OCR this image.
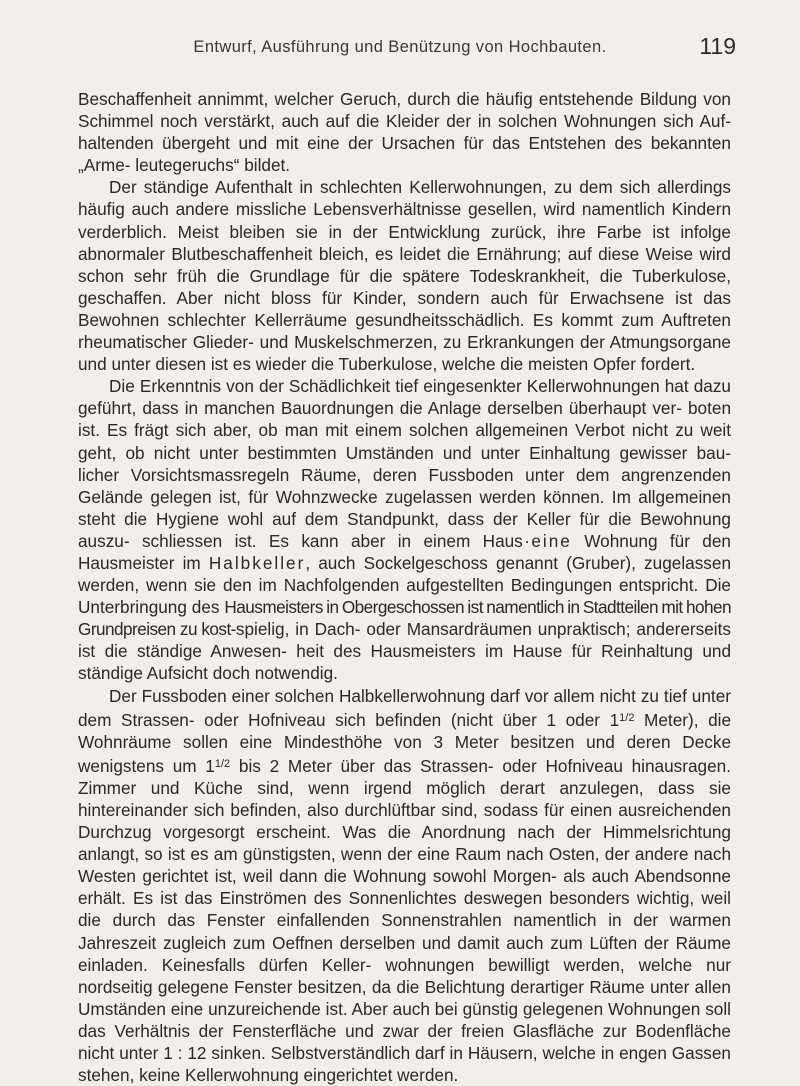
Entwurf, Ausführung und Benützung von Hochbauten.	119

Beschaffenheit annimmt, welcher Geruch, durch die häufig entstehende Bildung von Schimmel noch verstärkt, auch auf die Kleider der in solchen Wohnungen sich Auf- haltenden übergeht und mit eine der Ursachen für das Entstehen des bekannten „Arme- leutegeruchs“ bildet.

Der ständige Aufenthalt in schlechten Kellerwohnungen, zu dem sich allerdings häufig auch andere missliche Lebensverhältnisse gesellen, wird namentlich Kindern verderblich. Meist bleiben sie in der Entwicklung zurück, ihre Farbe ist infolge abnormaler Blutbeschaffenheit bleich, es leidet die Ernährung; auf diese Weise wird schon sehr früh die Grundlage für die spätere Todeskrankheit, die Tuberkulose, geschaffen. Aber nicht bloss für Kinder, sondern auch für Erwachsene ist das Bewohnen schlechter Kellerräume gesundheitsschädlich. Es kommt zum Auftreten rheumatischer Glieder- und Muskelschmerzen, zu Erkrankungen der Atmungsorgane und unter diesen ist es wieder die Tuberkulose, welche die meisten Opfer fordert.

Die Erkenntnis von der Schädlichkeit tief eingesenkter Kellerwohnungen hat dazu geführt, dass in manchen Bauordnungen die Anlage derselben überhaupt ver- boten ist. Es frägt sich aber, ob man mit einem solchen allgemeinen Verbot nicht zu weit geht, ob nicht unter bestimmten Umständen und unter Einhaltung gewisser bau- licher Vorsichtsmassregeln Räume, deren Fussboden unter dem angrenzenden Gelände gelegen ist, für Wohnzwecke zugelassen werden können. Im allgemeinen steht die Hygiene wohl auf dem Standpunkt, dass der Keller für die Bewohnung auszu- schliessen ist. Es kann aber in einem Haus · eine Wohnung für den Hausmeister im Halbkeller, auch Sockelgeschoss genannt (Gruber), zugelassen werden, wenn sie den im Nachfolgenden aufgestellten Bedingungen entspricht. Die Unterbringung des Hausmeisters in Obergeschossen ist namentlich in Stadtteilen mit hohen Grundpreisen zu kost-spielig, in Dach- oder Mansardräumen unpraktisch; andererseits ist die ständige Anwesen- heit des Hausmeisters im Hause für Reinhaltung und ständige Aufsicht doch notwendig.

Der Fussboden einer solchen Halbkellerwohnung darf vor allem nicht zu tief unter dem Strassen- oder Hofniveau sich befinden (nicht über 1 oder $1^{1/2}$ Meter), die Wohnräume sollen eine Mindesthöhe von 3 Meter besitzen und deren Decke wenigstens um $1^{1/2}$ bis 2 Meter über das Strassen- oder Hofniveau hinausragen. Zimmer und Küche sind, wenn irgend möglich derart anzulegen, dass sie hintereinander sich befinden, also durchlüftbar sind, sodass für einen ausreichenden Durchzug vorgesorgt erscheint. Was die Anordnung nach der Himmelsrichtung anlangt, so ist es am günstigsten, wenn der eine Raum nach Osten, der andere nach Westen gerichtet ist, weil dann die Wohnung sowohl Morgen- als auch Abendsonne erhält. Es ist das Einströmen des Sonnenlichtes deswegen besonders wichtig, weil die durch das Fenster einfallenden Sonnenstrahlen namentlich in der warmen Jahreszeit zugleich zum Oeffnen derselben und damit auch zum Lüften der Räume einladen. Keinesfalls dürfen Keller- wohnungen bewilligt werden, welche nur nordseitig gelegene Fenster besitzen, da die Belichtung derartiger Räume unter allen Umständen eine unzureichende ist. Aber auch bei günstig gelegenen Wohnungen soll das Verhältnis der Fensterfläche und zwar der freien Glasfläche zur Bodenfläche nicht unter 1 : 12 sinken. Selbstverständlich darf in Häusern, welche in engen Gassen stehen, keine Kellerwohnung eingerichtet werden.
